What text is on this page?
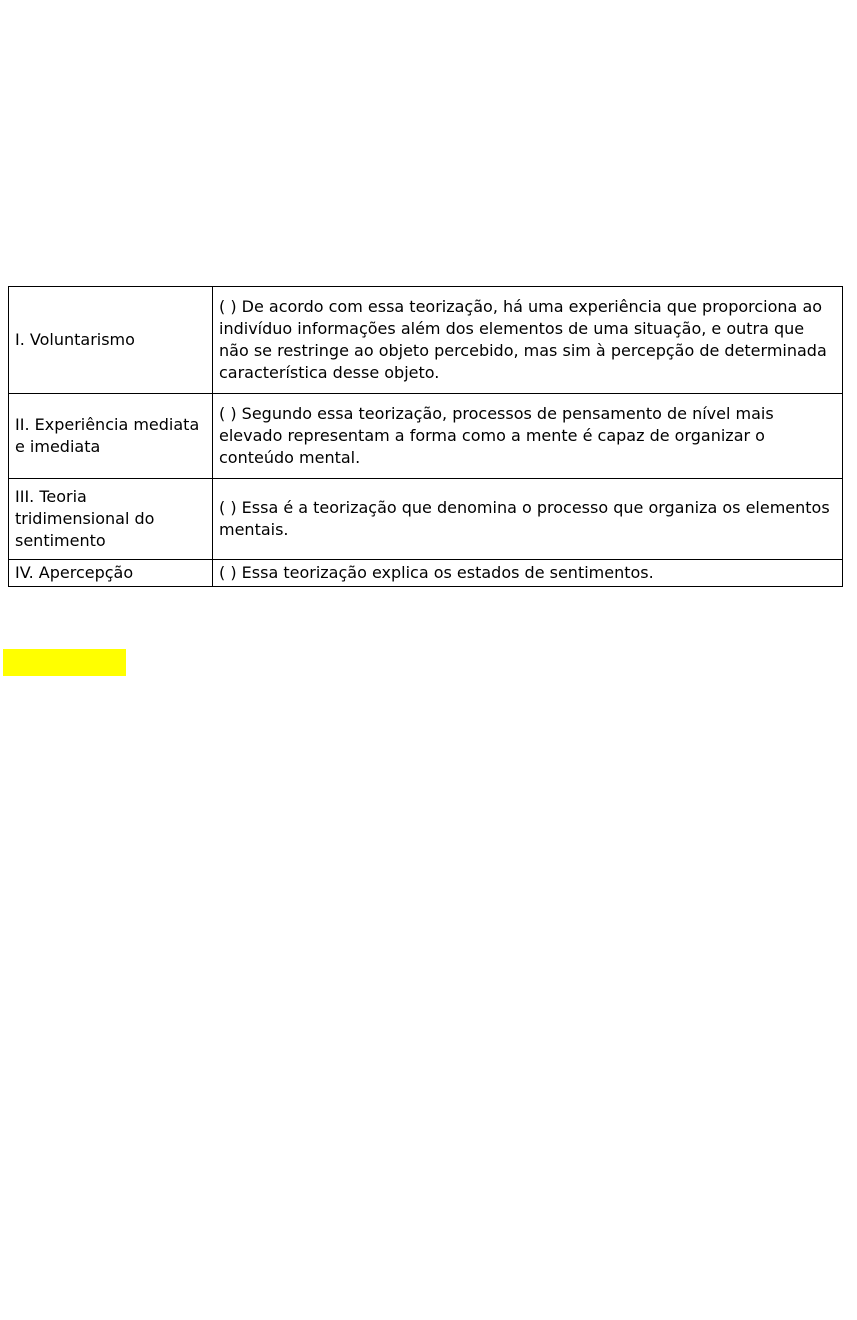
I. Voluntarismo	( ) De acordo com essa teorização, há uma experiência que proporciona ao indivíduo informações além dos elementos de uma situação, e outra que não se restringe ao objeto percebido, mas sim à percepção de determinada característica desse objeto.
II. Experiência mediata e imediata	( ) Segundo essa teorização, processos de pensamento de nível mais elevado representam a forma como a mente é capaz de organizar o conteúdo mental.
III. Teoria tridimensional do sentimento	( ) Essa é a teorização que denomina o processo que organiza os elementos mentais.
IV. Apercepção	( ) Essa teorização explica os estados de sentimentos.
